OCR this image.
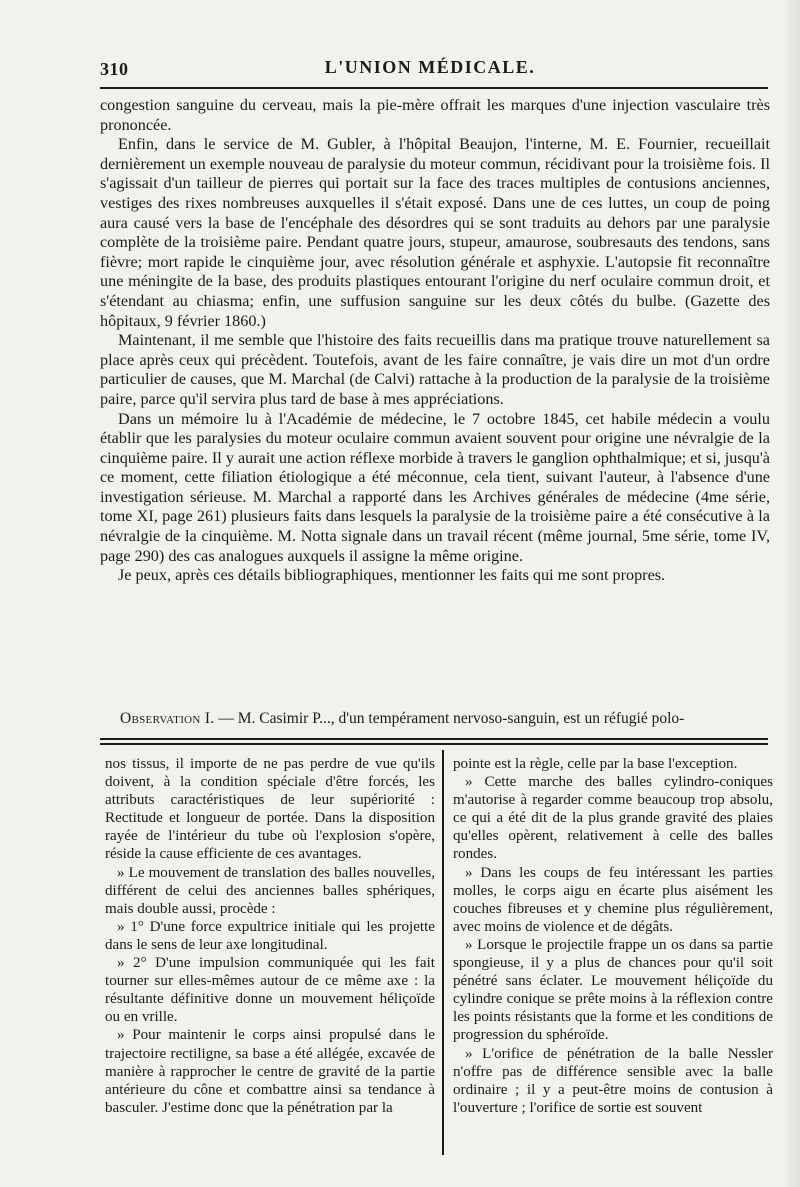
310	L'UNION MÉDICALE.

congestion sanguine du cerveau, mais la pie-mère offrait les marques d'une injection vasculaire très prononcée.

Enfin, dans le service de M. Gubler, à l'hôpital Beaujon, l'interne, M. E. Fournier, recueillait dernièrement un exemple nouveau de paralysie du moteur commun, récidivant pour la troisième fois. Il s'agissait d'un tailleur de pierres qui portait sur la face des traces multiples de contusions anciennes, vestiges des rixes nombreuses auxquelles il s'était exposé. Dans une de ces luttes, un coup de poing aura causé vers la base de l'encéphale des désordres qui se sont traduits au dehors par une paralysie complète de la troisième paire. Pendant quatre jours, stupeur, amaurose, soubresauts des tendons, sans fièvre; mort rapide le cinquième jour, avec résolution générale et asphyxie. L'autopsie fit reconnaître une méningite de la base, des produits plastiques entourant l'origine du nerf oculaire commun droit, et s'étendant au chiasma; enfin, une suffusion sanguine sur les deux côtés du bulbe. (Gazette des hôpitaux, 9 février 1860.)

Maintenant, il me semble que l'histoire des faits recueillis dans ma pratique trouve naturellement sa place après ceux qui précèdent. Toutefois, avant de les faire connaître, je vais dire un mot d'un ordre particulier de causes, que M. Marchal (de Calvi) rattache à la production de la paralysie de la troisième paire, parce qu'il servira plus tard de base à mes appréciations.

Dans un mémoire lu à l'Académie de médecine, le 7 octobre 1845, cet habile médecin a voulu établir que les paralysies du moteur oculaire commun avaient souvent pour origine une névralgie de la cinquième paire. Il y aurait une action réflexe morbide à travers le ganglion ophthalmique; et si, jusqu'à ce moment, cette filiation étiologique a été méconnue, cela tient, suivant l'auteur, à l'absence d'une investigation sérieuse. M. Marchal a rapporté dans les Archives générales de médecine (4me série, tome XI, page 261) plusieurs faits dans lesquels la paralysie de la troisième paire a été consécutive à la névralgie de la cinquième. M. Notta signale dans un travail récent (même journal, 5me série, tome IV, page 290) des cas analogues auxquels il assigne la même origine.

Je peux, après ces détails bibliographiques, mentionner les faits qui me sont propres.

Observation I. — M. Casimir P..., d'un tempérament nervoso-sanguin, est un réfugié polo-

nos tissus, il importe de ne pas perdre de vue qu'ils doivent, à la condition spéciale d'être forcés, les attributs caractéristiques de leur supériorité : Rectitude et longueur de portée. Dans la disposition rayée de l'intérieur du tube où l'explosion s'opère, réside la cause efficiente de ces avantages.

» Le mouvement de translation des balles nouvelles, différent de celui des anciennes balles sphériques, mais double aussi, procède :

» 1° D'une force expultrice initiale qui les projette dans le sens de leur axe longitudinal.

» 2° D'une impulsion communiquée qui les fait tourner sur elles-mêmes autour de ce même axe : la résultante définitive donne un mouvement héliçoïde ou en vrille.

» Pour maintenir le corps ainsi propulsé dans le trajectoire rectiligne, sa base a été allégée, excavée de manière à rapprocher le centre de gravité de la partie antérieure du cône et combattre ainsi sa tendance à basculer. J'estime donc que la pénétration par la

pointe est la règle, celle par la base l'exception.

» Cette marche des balles cylindro-coniques m'autorise à regarder comme beaucoup trop absolu, ce qui a été dit de la plus grande gravité des plaies qu'elles opèrent, relativement à celle des balles rondes.

» Dans les coups de feu intéressant les parties molles, le corps aigu en écarte plus aisément les couches fibreuses et y chemine plus régulièrement, avec moins de violence et de dégâts.

» Lorsque le projectile frappe un os dans sa partie spongieuse, il y a plus de chances pour qu'il soit pénétré sans éclater. Le mouvement héliçoïde du cylindre conique se prête moins à la réflexion contre les points résistants que la forme et les conditions de progression du sphéroïde.

» L'orifice de pénétration de la balle Nessler n'offre pas de différence sensible avec la balle ordinaire ; il y a peut-être moins de contusion à l'ouverture ; l'orifice de sortie est souvent
